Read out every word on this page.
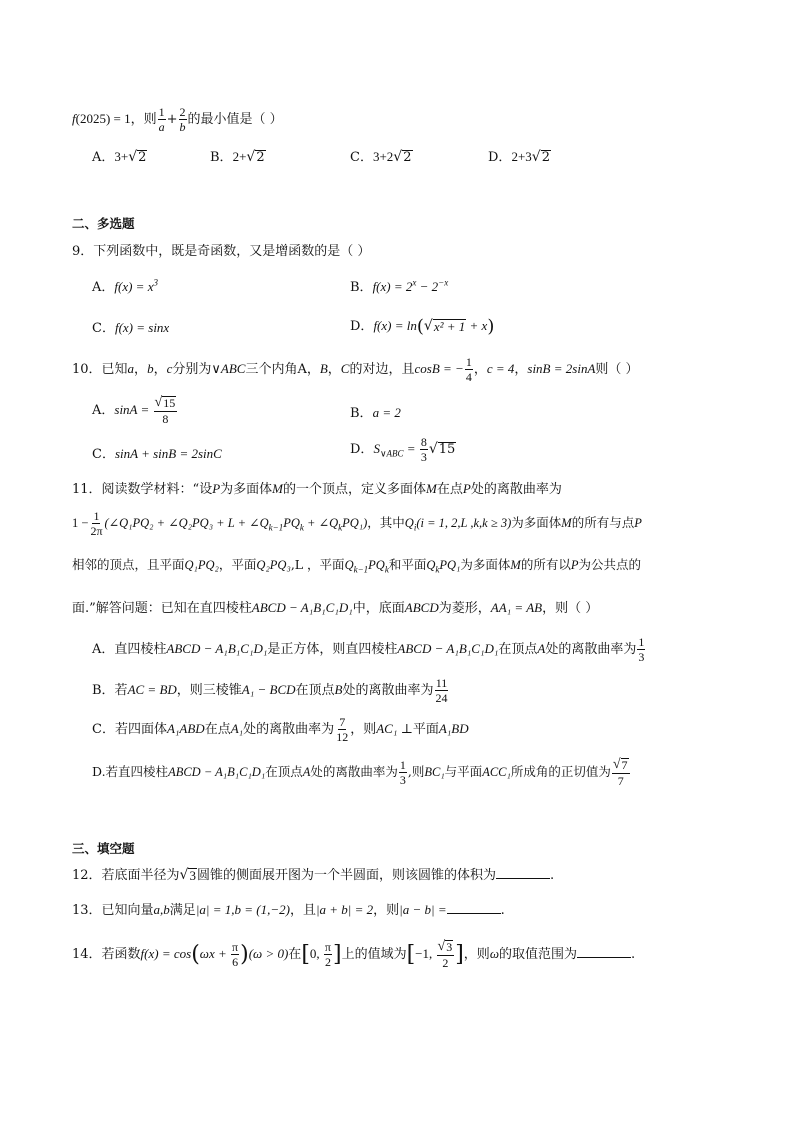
f(2025) = 1，则 $\frac{1}{a} + \frac{2}{b}$ 的最小值是（ ）
A．3+ √ 2	B．2+ √ 2	C．3+2 √ 2	D．2+3 √ 2
二、多选题
9．下列函数中，既是奇函数，又是增函数的是（ ）
A．$f(x) = x^3$	B．$f(x) = 2^x - 2^{-x}$
C．f(x) = sinx	D．f(x) = ln( √ x² + 1 + x)
10．已知a，b，c分别为∨ABC三个内角A，B，C的对边，且cosB = − $\frac{1}{4}$ ，c = 4，sinB = 2sinA则（ ）
A．$\sin A = \frac{√ 15}{8}$	B．a = 2
C．sinA + sinB = 2sinC	D．$S_{\vee ABC} = \frac{8}{3}$ √ 15
11．阅读数学材料：“设P为多面体M的一个顶点，定义多面体M在点P处的离散曲率为
$1 - \frac{1}{2\pi}$ (∠Q₁PQ₂ + ∠Q₂PQ₃ + $L + \angle Q_{k-1}PQ_k$ + $\angle Q_kPQ_1$)，其中$Q_i(i = 1$, 2,L ,k,k ≥ 3)为多面体M的所有与点P
相邻的顶点，且平面Q₁PQ₂，平面Q₂PQ₃,L ，平面$Q_{k-1}PQ_k$和平面$Q_kPQ_1$为多面体M的所有以P为公共点的
面.”解答问题：已知在直四棱柱ABCD − A₁B₁C₁D₁中，底面ABCD为菱形，AA₁ = AB，则（ ）
A．直四棱柱ABCD − A₁B₁C₁D₁是正方体，则直四棱柱ABCD − A₁B₁C₁D₁在顶点A处的离散曲率为 $\frac{1}{3}$
B．若AC = BD，则三棱锥A₁ − BCD在顶点B处的离散曲率为 $\frac{11}{24}$
C．若四面体A₁ABD在点A₁处的离散曲率为 $\frac{7}{12}$ ，则AC₁ ⊥平面A₁BD
D.若直四棱柱ABCD − A₁B₁C₁D₁在顶点A处的离散曲率为 $\frac{1}{3}$ ,则BC₁与平面ACC₁所成角的正切值为 $\frac{√ 7}{7}$
三、填空题
12．若底面半径为 √ 3 圆锥的侧面展开图为一个半圆面，则该圆锥的体积为	.
13．已知向量a,b满足|a| = 1,b = (1,−2)，且|a + b| = 2，则|a − b| =	.
14．若函数$f(x) = \cos(\omega x + \frac{\pi}{6} )(\omega > 0)$在[0, $\frac{\pi}{2}$ ]上的值域为[−1, $\frac{√ 3}{2}$ ]，则ω的取值范围为	.
